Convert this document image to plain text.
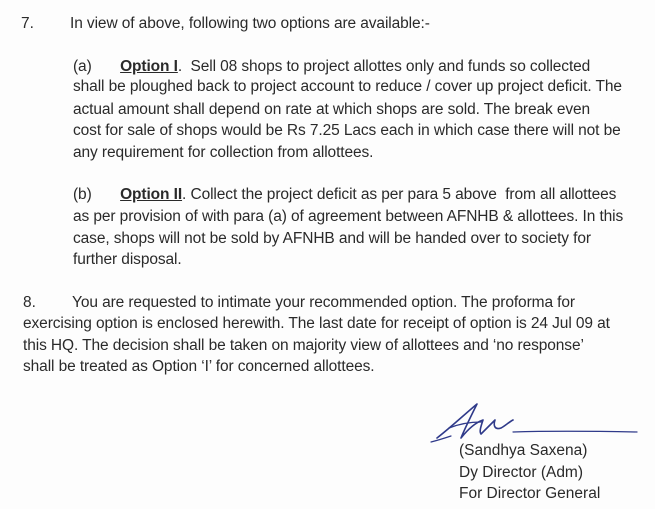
7. In view of above, following two options are available:-
(a) Option I.  Sell 08 shops to project allottes only and funds so collected
shall be ploughed back to project account to reduce / cover up project deficit. The
actual amount shall depend on rate at which shops are sold. The break even
cost for sale of shops would be Rs 7.25 Lacs each in which case there will not be
any requirement for collection from allottees.
(b) Option II. Collect the project deficit as per para 5 above  from all allottees
as per provision of with para (a) of agreement between AFNHB & allottees. In this
case, shops will not be sold by AFNHB and will be handed over to society for
further disposal.
8. You are requested to intimate your recommended option. The proforma for
exercising option is enclosed herewith. The last date for receipt of option is 24 Jul 09 at
this HQ. The decision shall be taken on majority view of allottees and ‘no response’
shall be treated as Option ‘I’ for concerned allottees.
(Sandhya Saxena)
Dy Director (Adm)
For Director General
